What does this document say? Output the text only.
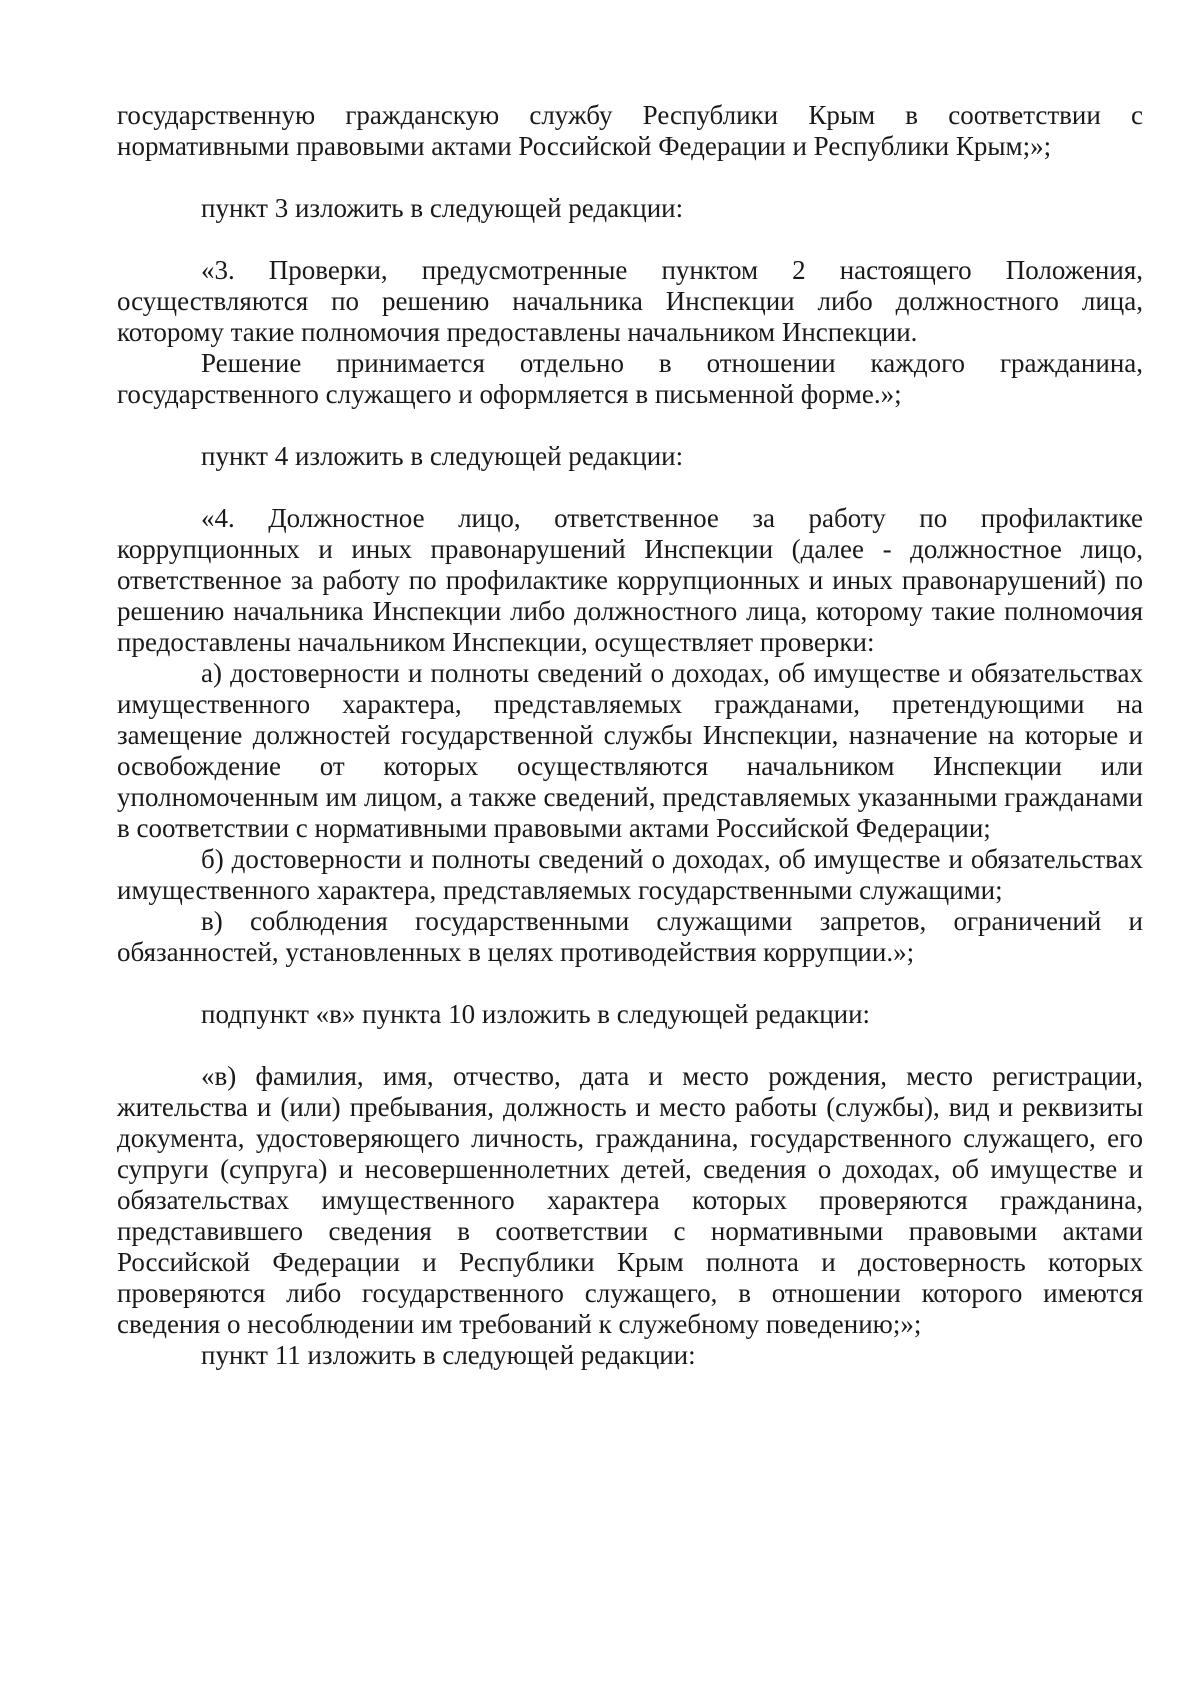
государственную гражданскую службу Республики Крым в соответствии с нормативными правовыми актами Российской Федерации и Республики Крым;»;

пункт 3 изложить в следующей редакции:

«3. Проверки, предусмотренные пунктом 2 настоящего Положения, осуществляются по решению начальника Инспекции либо должностного лица, которому такие полномочия предоставлены начальником Инспекции.

Решение принимается отдельно в отношении каждого гражданина, государственного служащего и оформляется в письменной форме.»;

пункт 4 изложить в следующей редакции:

«4. Должностное лицо, ответственное за работу по профилактике коррупционных и иных правонарушений Инспекции (далее - должностное лицо, ответственное за работу по профилактике коррупционных и иных правонарушений) по решению начальника Инспекции либо должностного лица, которому такие полномочия предоставлены начальником Инспекции, осуществляет проверки:

а) достоверности и полноты сведений о доходах, об имуществе и обязательствах имущественного характера, представляемых гражданами, претендующими на замещение должностей государственной службы Инспекции, назначение на которые и освобождение от которых осуществляются начальником Инспекции или уполномоченным им лицом, а также сведений, представляемых указанными гражданами в соответствии с нормативными правовыми актами Российской Федерации;

б) достоверности и полноты сведений о доходах, об имуществе и обязательствах имущественного характера, представляемых государственными служащими;

в) соблюдения государственными служащими запретов, ограничений и обязанностей, установленных в целях противодействия коррупции.»;

подпункт «в» пункта 10 изложить в следующей редакции:

«в) фамилия, имя, отчество, дата и место рождения, место регистрации, жительства и (или) пребывания, должность и место работы (службы), вид и реквизиты документа, удостоверяющего личность, гражданина, государственного служащего, его супруги (супруга) и несовершеннолетних детей, сведения о доходах, об имуществе и обязательствах имущественного характера которых проверяются гражданина, представившего сведения в соответствии с нормативными правовыми актами Российской Федерации и Республики Крым полнота и достоверность которых проверяются либо государственного служащего, в отношении которого имеются сведения о несоблюдении им требований к служебному поведению;»;

пункт 11 изложить в следующей редакции:
